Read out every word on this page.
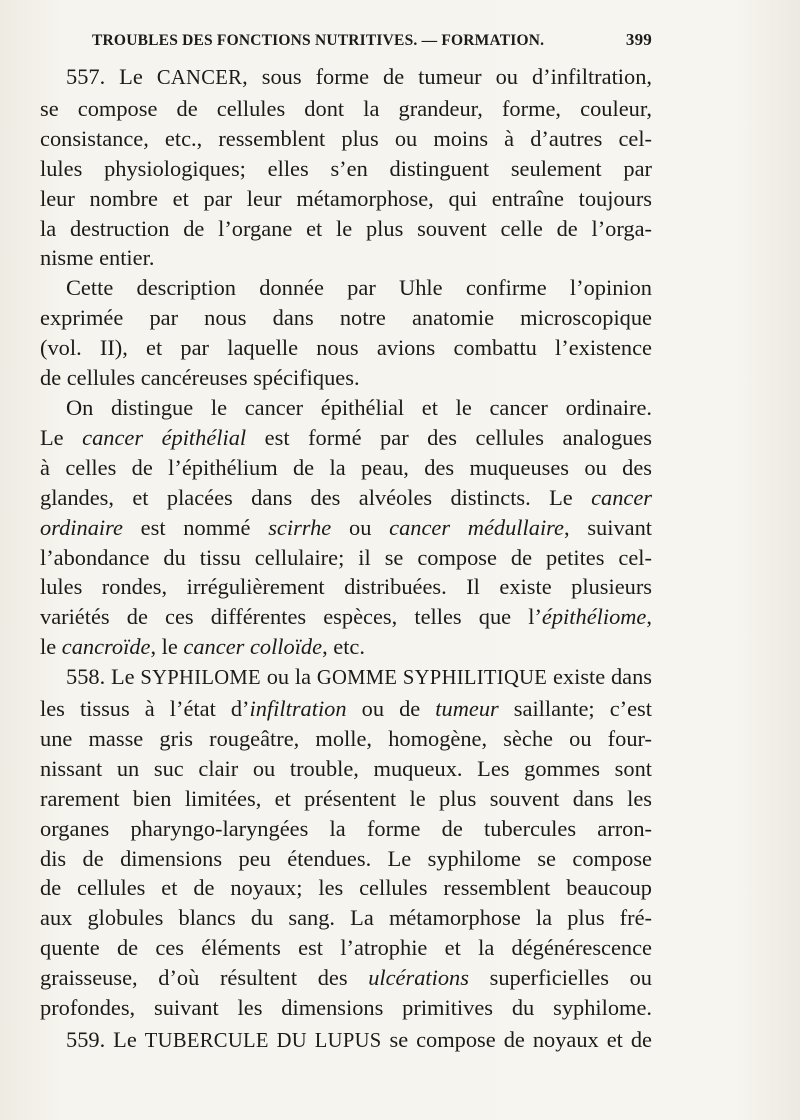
TROUBLES DES FONCTIONS NUTRITIVES. — FORMATION.	399
557. Le CANCER, sous forme de tumeur ou d’infiltration,
se compose de cellules dont la grandeur, forme, couleur,
consistance, etc., ressemblent plus ou moins à d’autres cel-
lules physiologiques; elles s’en distinguent seulement par
leur nombre et par leur métamorphose, qui entraîne toujours
la destruction de l’organe et le plus souvent celle de l’orga-
nisme entier.
Cette description donnée par Uhle confirme l’opinion
exprimée par nous dans notre anatomie microscopique
(vol. II), et par laquelle nous avions combattu l’existence
de cellules cancéreuses spécifiques.
On distingue le cancer épithélial et le cancer ordinaire.
Le cancer épithélial est formé par des cellules analogues
à celles de l’épithélium de la peau, des muqueuses ou des
glandes, et placées dans des alvéoles distincts. Le cancer
ordinaire est nommé scirrhe ou cancer médullaire, suivant
l’abondance du tissu cellulaire; il se compose de petites cel-
lules rondes, irrégulièrement distribuées. Il existe plusieurs
variétés de ces différentes espèces, telles que l’épithéliome,
le cancroïde, le cancer colloïde, etc.
558. Le SYPHILOME ou la GOMME SYPHILITIQUE existe dans
les tissus à l’état d’infiltration ou de tumeur saillante; c’est
une masse gris rougeâtre, molle, homogène, sèche ou four-
nissant un suc clair ou trouble, muqueux. Les gommes sont
rarement bien limitées, et présentent le plus souvent dans les
organes pharyngo-laryngées la forme de tubercules arron-
dis de dimensions peu étendues. Le syphilome se compose
de cellules et de noyaux; les cellules ressemblent beaucoup
aux globules blancs du sang. La métamorphose la plus fré-
quente de ces éléments est l’atrophie et la dégénérescence
graisseuse, d’où résultent des ulcérations superficielles ou
profondes, suivant les dimensions primitives du syphilome.
559. Le TUBERCULE DU LUPUS se compose de noyaux et de
